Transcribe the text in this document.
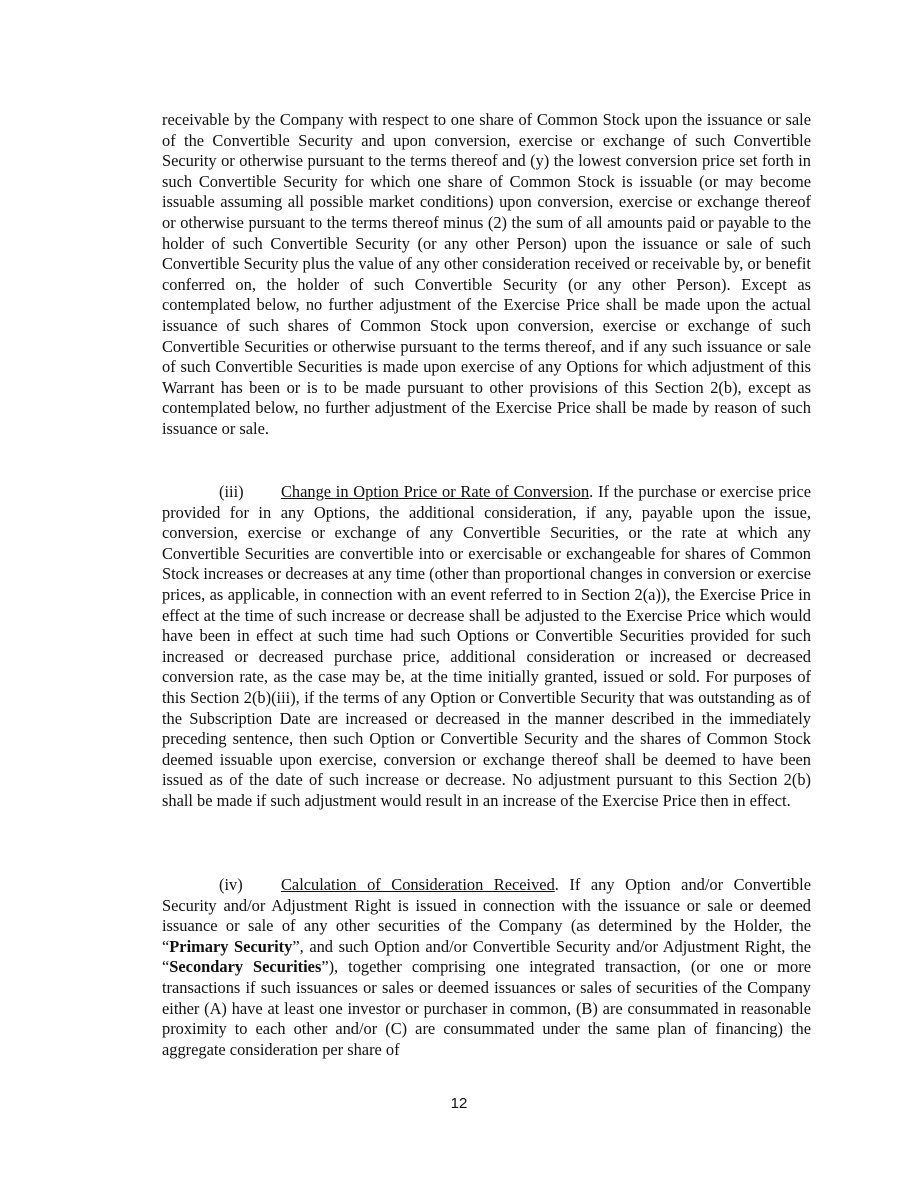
receivable by the Company with respect to one share of Common Stock upon the issuance or sale of the Convertible Security and upon conversion, exercise or exchange of such Convertible Security or otherwise pursuant to the terms thereof and (y) the lowest conversion price set forth in such Convertible Security for which one share of Common Stock is issuable (or may become issuable assuming all possible market conditions) upon conversion, exercise or exchange thereof or otherwise pursuant to the terms thereof minus (2) the sum of all amounts paid or payable to the holder of such Convertible Security (or any other Person) upon the issuance or sale of such Convertible Security plus the value of any other consideration received or receivable by, or benefit conferred on, the holder of such Convertible Security (or any other Person). Except as contemplated below, no further adjustment of the Exercise Price shall be made upon the actual issuance of such shares of Common Stock upon conversion, exercise or exchange of such Convertible Securities or otherwise pursuant to the terms thereof, and if any such issuance or sale of such Convertible Securities is made upon exercise of any Options for which adjustment of this Warrant has been or is to be made pursuant to other provisions of this Section 2(b), except as contemplated below, no further adjustment of the Exercise Price shall be made by reason of such issuance or sale.

(iii) Change in Option Price or Rate of Conversion. If the purchase or exercise price provided for in any Options, the additional consideration, if any, payable upon the issue, conversion, exercise or exchange of any Convertible Securities, or the rate at which any Convertible Securities are convertible into or exercisable or exchangeable for shares of Common Stock increases or decreases at any time (other than proportional changes in conversion or exercise prices, as applicable, in connection with an event referred to in Section 2(a)), the Exercise Price in effect at the time of such increase or decrease shall be adjusted to the Exercise Price which would have been in effect at such time had such Options or Convertible Securities provided for such increased or decreased purchase price, additional consideration or increased or decreased conversion rate, as the case may be, at the time initially granted, issued or sold. For purposes of this Section 2(b)(iii), if the terms of any Option or Convertible Security that was outstanding as of the Subscription Date are increased or decreased in the manner described in the immediately preceding sentence, then such Option or Convertible Security and the shares of Common Stock deemed issuable upon exercise, conversion or exchange thereof shall be deemed to have been issued as of the date of such increase or decrease. No adjustment pursuant to this Section 2(b) shall be made if such adjustment would result in an increase of the Exercise Price then in effect.

(iv) Calculation of Consideration Received. If any Option and/or Convertible Security and/or Adjustment Right is issued in connection with the issuance or sale or deemed issuance or sale of any other securities of the Company (as determined by the Holder, the “Primary Security”, and such Option and/or Convertible Security and/or Adjustment Right, the “Secondary Securities”), together comprising one integrated transaction, (or one or more transactions if such issuances or sales or deemed issuances or sales of securities of the Company either (A) have at least one investor or purchaser in common, (B) are consummated in reasonable proximity to each other and/or (C) are consummated under the same plan of financing) the aggregate consideration per share of

12
